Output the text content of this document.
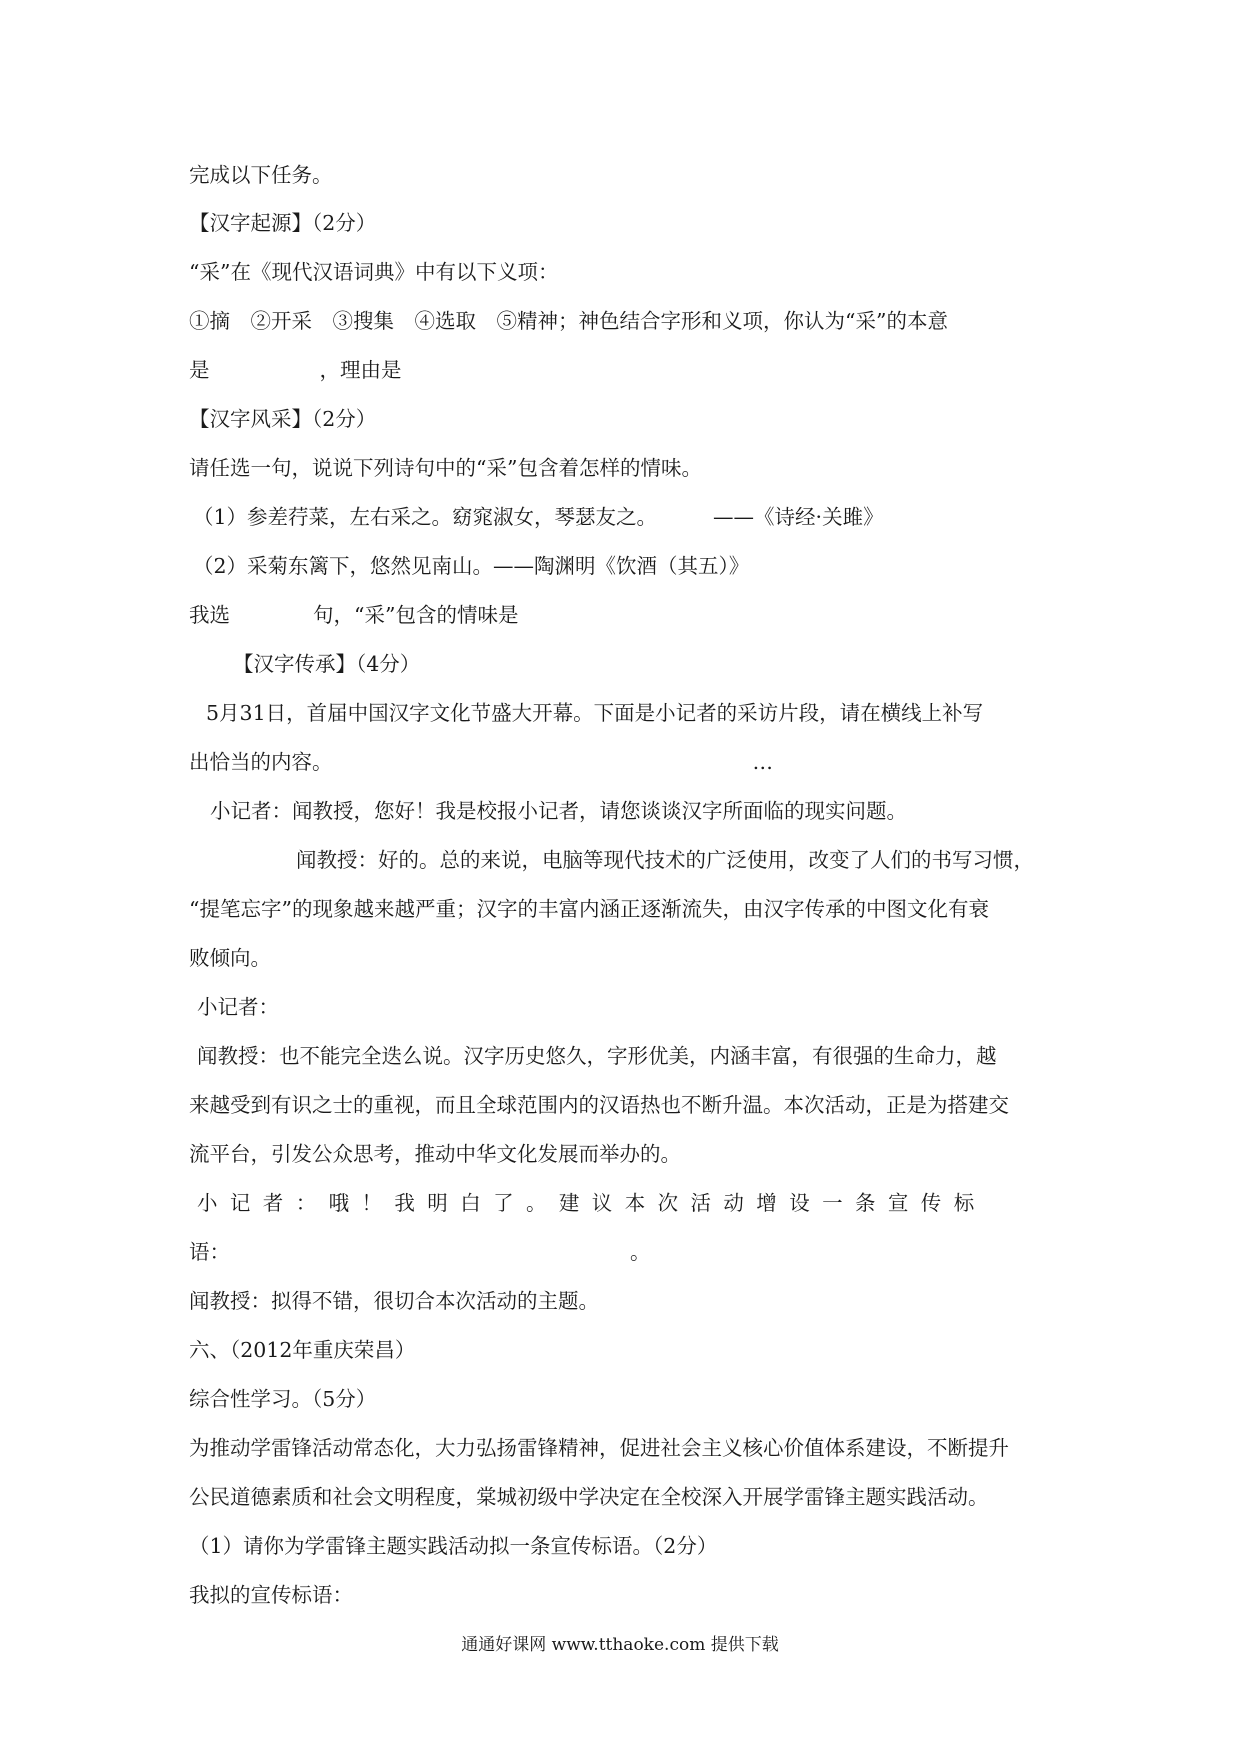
完成以下任务。
【汉字起源】（2分）
“采”在《现代汉语词典》中有以下义项：
①摘　②开采　③搜集　④选取　⑤精神；神色结合字形和义项，你认为“采”的本意
是	，理由是
【汉字风采】（2分）
请任选一句，说说下列诗句中的“采”包含着怎样的情味。
（1）参差荇菜，左右采之。窈窕淑女，琴瑟友之。	——《诗经·关雎》
（2）采菊东篱下，悠然见南山。——陶渊明《饮酒（其五）》
我选	句，“采”包含的情味是
【汉字传承】（4分）
5月31日，首届中国汉字文化节盛大开幕。下面是小记者的采访片段，请在横线上补写
出恰当的内容。	…
小记者：闻教授，您好！我是校报小记者，请您谈谈汉字所面临的现实问题。
闻教授：好的。总的来说，电脑等现代技术的广泛使用，改变了人们的书写习惯，
“提笔忘字”的现象越来越严重；汉字的丰富内涵正逐渐流失，由汉字传承的中图文化有衰
败倾向。
小记者：
闻教授：也不能完全迭么说。汉字历史悠久，字形优美，内涵丰富，有很强的生命力，越
来越受到有识之士的重视，而且全球范围内的汉语热也不断升温。本次活动，正是为搭建交
流平台，引发公众思考，推动中华文化发展而举办的。
小记者：哦！我明白了。建议本次活动增设一条宣传标
语：	。
闻教授：拟得不错，很切合本次活动的主题。
六、（2012年重庆荣昌）
综合性学习。（5分）
为推动学雷锋活动常态化，大力弘扬雷锋精神，促进社会主义核心价值体系建设，不断提升
公民道德素质和社会文明程度，棠城初级中学决定在全校深入开展学雷锋主题实践活动。
（1）请你为学雷锋主题实践活动拟一条宣传标语。（2分）
我拟的宣传标语：
通通好课网 www.tthaoke.com 提供下载
